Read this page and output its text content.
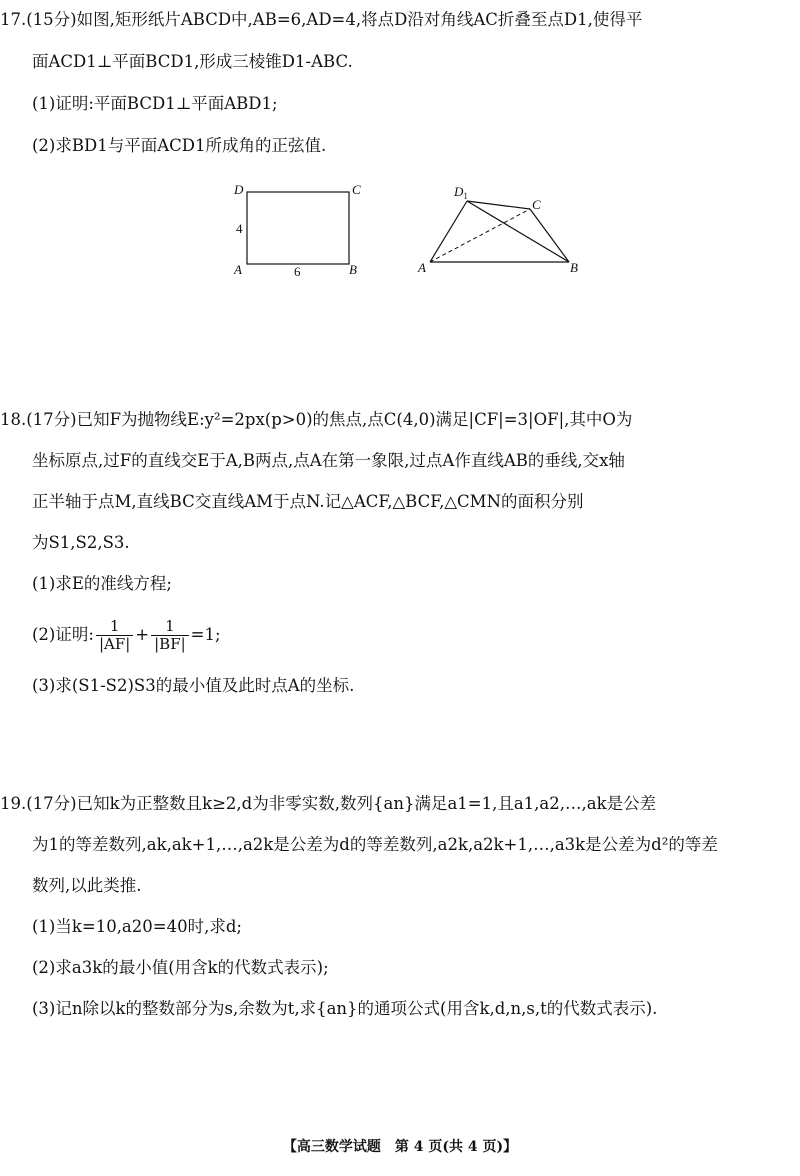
17.(15分)如图,矩形纸片ABCD中,AB=6,AD=4,将点D沿对角线AC折叠至点D1,使得平
面ACD1⊥平面BCD1,形成三棱锥D1-ABC.
(1)证明:平面BCD1⊥平面ABD1;
(2)求BD1与平面ACD1所成角的正弦值.
D	C
A	B
4
6
$D_1$
C
A	B
18.(17分)已知F为抛物线E:y²=2px(p>0)的焦点,点C(4,0)满足|CF|=3|OF|,其中O为
坐标原点,过F的直线交E于A,B两点,点A在第一象限,过点A作直线AB的垂线,交x轴
正半轴于点M,直线BC交直线AM于点N.记△ACF,△BCF,△CMN的面积分别
为S1,S2,S3.
(1)求E的准线方程;
(2)证明: $\frac{1}{|AF|} + \frac{1}{|BF|} =1$;
(3)求(S1-S2)S3的最小值及此时点A的坐标.
19.(17分)已知k为正整数且k≥2,d为非零实数,数列{an}满足a1=1,且a1,a2,…,ak是公差
为1的等差数列,ak,ak+1,…,a2k是公差为d的等差数列,a2k,a2k+1,…,a3k是公差为d²的等差
数列,以此类推.
(1)当k=10,a20=40时,求d;
(2)求a3k的最小值(用含k的代数式表示);
(3)记n除以k的整数部分为s,余数为t,求{an}的通项公式(用含k,d,n,s,t的代数式表示).
【高三数学试题　第 4 页(共 4 页)】
